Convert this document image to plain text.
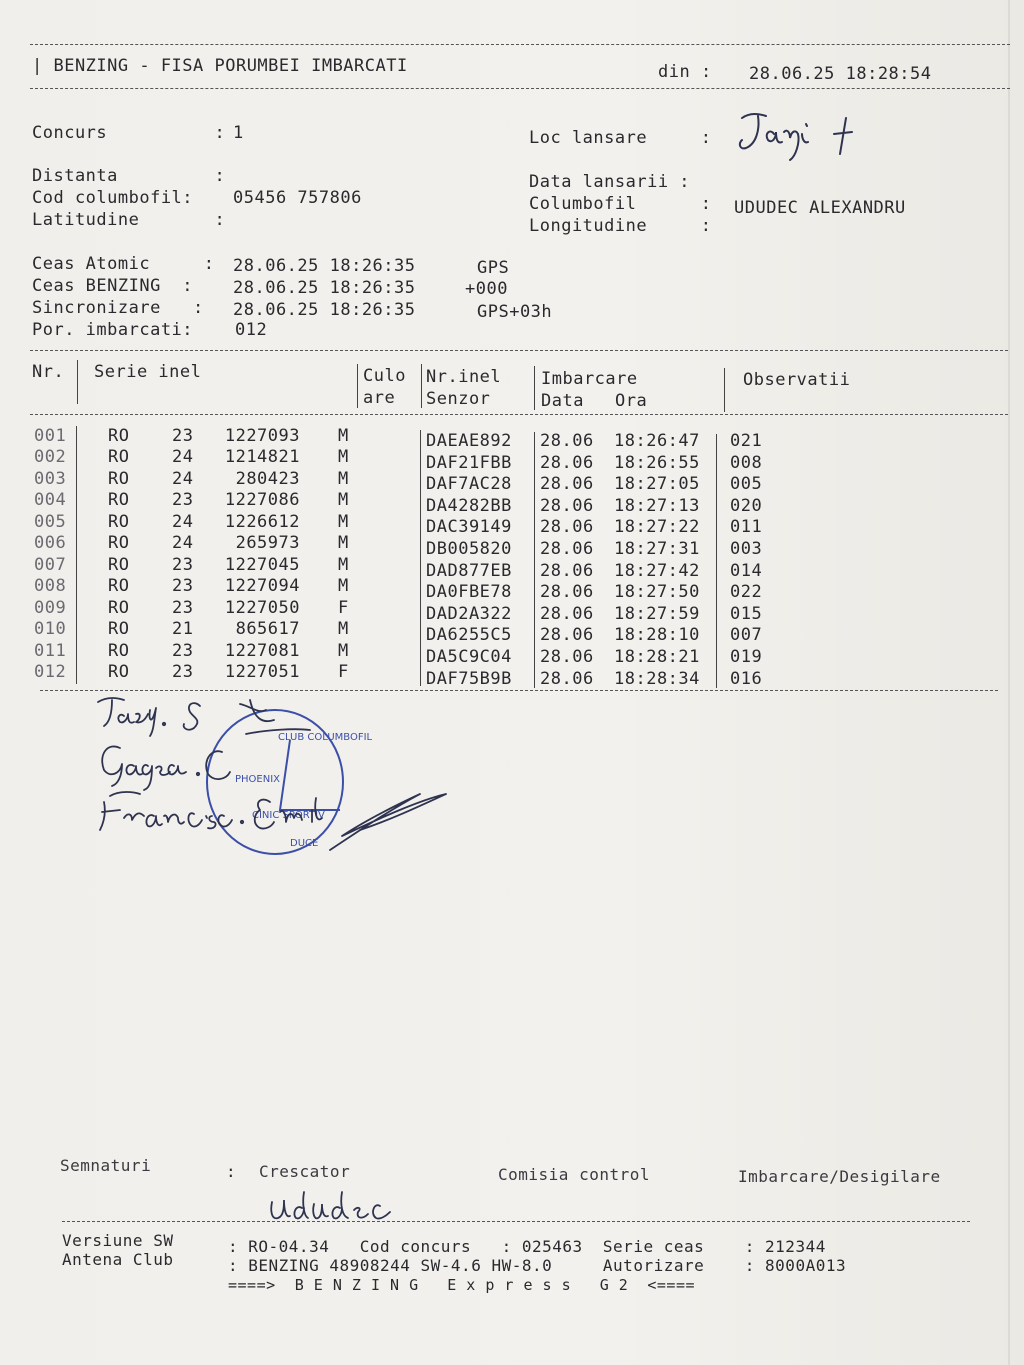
| BENZING - FISA PORUMBEI IMBARCATI	din : 28.06.25 18:28:54
Concurs          : 1	Loc lansare     :
Distanta         :
Cod columbofil: 05456 757806
Latitudine       :
Data lansarii :
Columbofil      : UDUDEC ALEXANDRU
Longitudine     :
Ceas Atomic     : 28.06.25 18:26:35	GPS
Ceas BENZING  : 28.06.25 18:26:35	+000
Sincronizare   : 28.06.25 18:26:35	GPS+03h
Por. imbarcati: 012
Nr. Serie inel	Culo
are
Nr.inel
Senzor
Imbarcare
Data Ora
Observatii
001 RO	23	1227093 M	DAEAE892 28.06 18:26:47 021
002 RO	24	1214821 M	DAF21FBB 28.06 18:26:55 008
003 RO	24	280423 M	DAF7AC28 28.06 18:27:05 005
004 RO	23	1227086 M	DA4282BB 28.06 18:27:13 020
005 RO	24	1226612 M	DAC39149 28.06 18:27:22 011
006 RO	24	265973 M	DB005820 28.06 18:27:31 003
007 RO	23	1227045 M	DAD877EB 28.06 18:27:42 014
008 RO	23	1227094 M	DA0FBE78 28.06 18:27:50 022
009 RO	23	1227050 F	DAD2A322 28.06 18:27:59 015
010 RO	21	865617 M	DA6255C5 28.06 18:28:10 007
011 RO	23	1227081 M	DA5C9C04 28.06 18:28:21 019
012 RO	23	1227051 F	DAF75B9B 28.06 18:28:34 016
PHOENIX
CLUB COLUMBOFIL
CINIC SPORTIV
DUCE
Semnaturi	: Crescator	Comisia control	Imbarcare/Desigilare
Versiune SW
Antena Club
: RO-04.34   Cod concurs   : 025463  Serie ceas    : 212344
: BENZING 48908244 SW-4.6 HW-8.0     Autorizare    : 8000A013
====>  B E N Z I N G   E x p r e s s   G 2  <====
